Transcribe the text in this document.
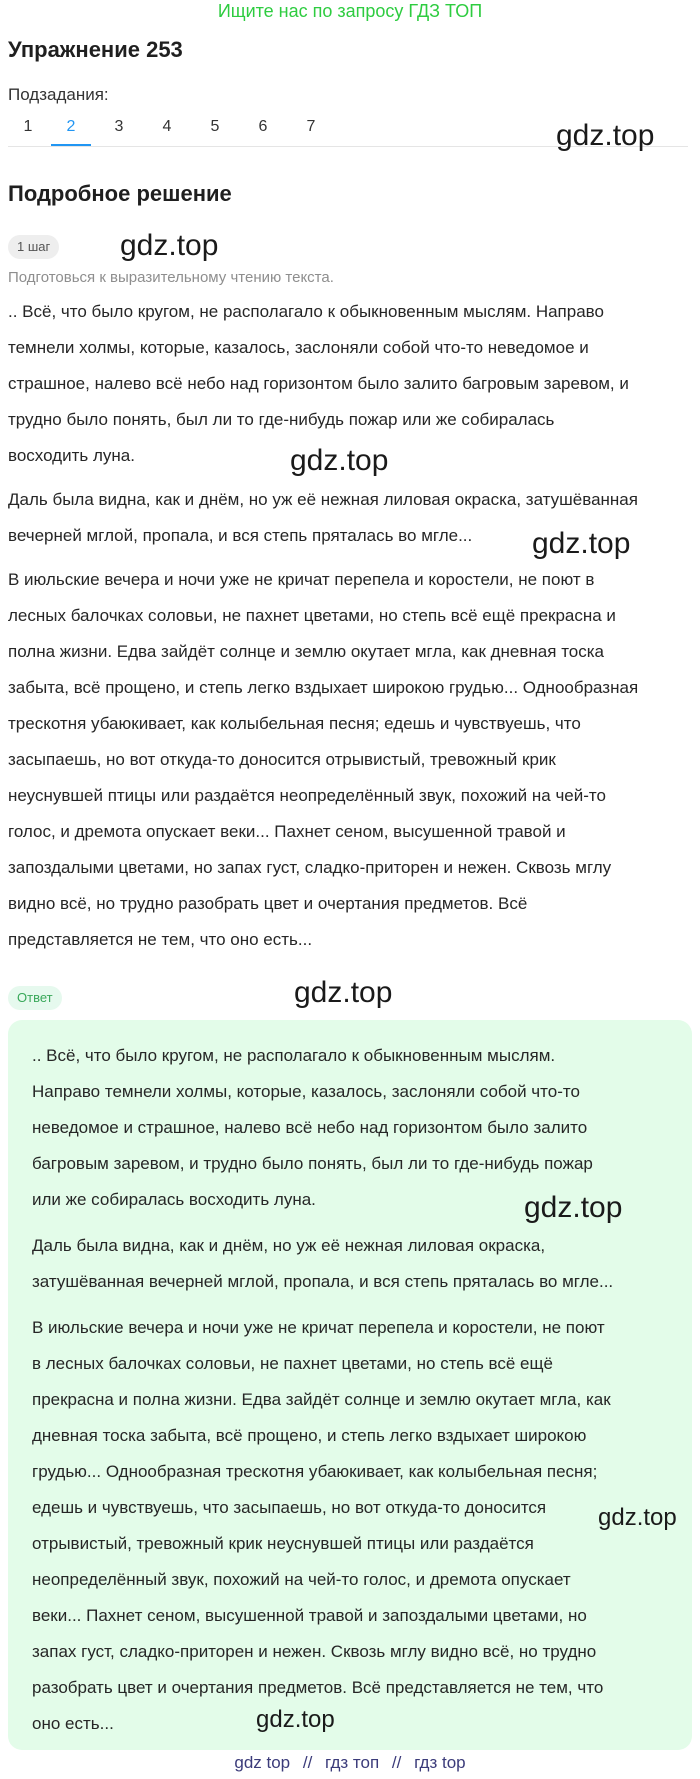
Ищите нас по запросу ГДЗ ТОП
Упражнение 253
Подзадания:
1	2	3	4	5	6	7
Подробное решение
1 шаг
Подготовься к выразительному чтению текста.

.. Всё, что было кругом, не располагало к обыкновенным мыслям. Направо
темнели холмы, которые, казалось, заслоняли собой что-то неведомое и
страшное, налево всё небо над горизонтом было залито багровым заревом, и
трудно было понять, был ли то где-нибудь пожар или же собиралась
восходить луна.

Даль была видна, как и днём, но уж её нежная лиловая окраска, затушёванная
вечерней мглой, пропала, и вся степь пряталась во мгле...

В июльские вечера и ночи уже не кричат перепела и коростели, не поют в
лесных балочках соловьи, не пахнет цветами, но степь всё ещё прекрасна и
полна жизни. Едва зайдёт солнце и землю окутает мгла, как дневная тоска
забыта, всё прощено, и степь легко вздыхает широкою грудью... Однообразная
трескотня убаюкивает, как колыбельная песня; едешь и чувствуешь, что
засыпаешь, но вот откуда-то доносится отрывистый, тревожный крик
неуснувшей птицы или раздаётся неопределённый звук, похожий на чей-то
голос, и дремота опускает веки... Пахнет сеном, высушенной травой и
запоздалыми цветами, но запах густ, сладко-приторен и нежен. Сквозь мглу
видно всё, но трудно разобрать цвет и очертания предметов. Всё
представляется не тем, что оно есть...

Ответ

.. Всё, что было кругом, не располагало к обыкновенным мыслям.
Направо темнели холмы, которые, казалось, заслоняли собой что-то
неведомое и страшное, налево всё небо над горизонтом было залито
багровым заревом, и трудно было понять, был ли то где-нибудь пожар
или же собиралась восходить луна.

Даль была видна, как и днём, но уж её нежная лиловая окраска,
затушёванная вечерней мглой, пропала, и вся степь пряталась во мгле...

В июльские вечера и ночи уже не кричат перепела и коростели, не поют
в лесных балочках соловьи, не пахнет цветами, но степь всё ещё
прекрасна и полна жизни. Едва зайдёт солнце и землю окутает мгла, как
дневная тоска забыта, всё прощено, и степь легко вздыхает широкою
грудью... Однообразная трескотня убаюкивает, как колыбельная песня;
едешь и чувствуешь, что засыпаешь, но вот откуда-то доносится
отрывистый, тревожный крик неуснувшей птицы или раздаётся
неопределённый звук, похожий на чей-то голос, и дремота опускает
веки... Пахнет сеном, высушенной травой и запоздалыми цветами, но
запах густ, сладко-приторен и нежен. Сквозь мглу видно всё, но трудно
разобрать цвет и очертания предметов. Всё представляется не тем, что
оно есть...

gdz.top
gdz.top
gdz.top
gdz.top
gdz.top
gdz.top
gdz.top
gdz.top
gdz top // гдз топ // гдз top
